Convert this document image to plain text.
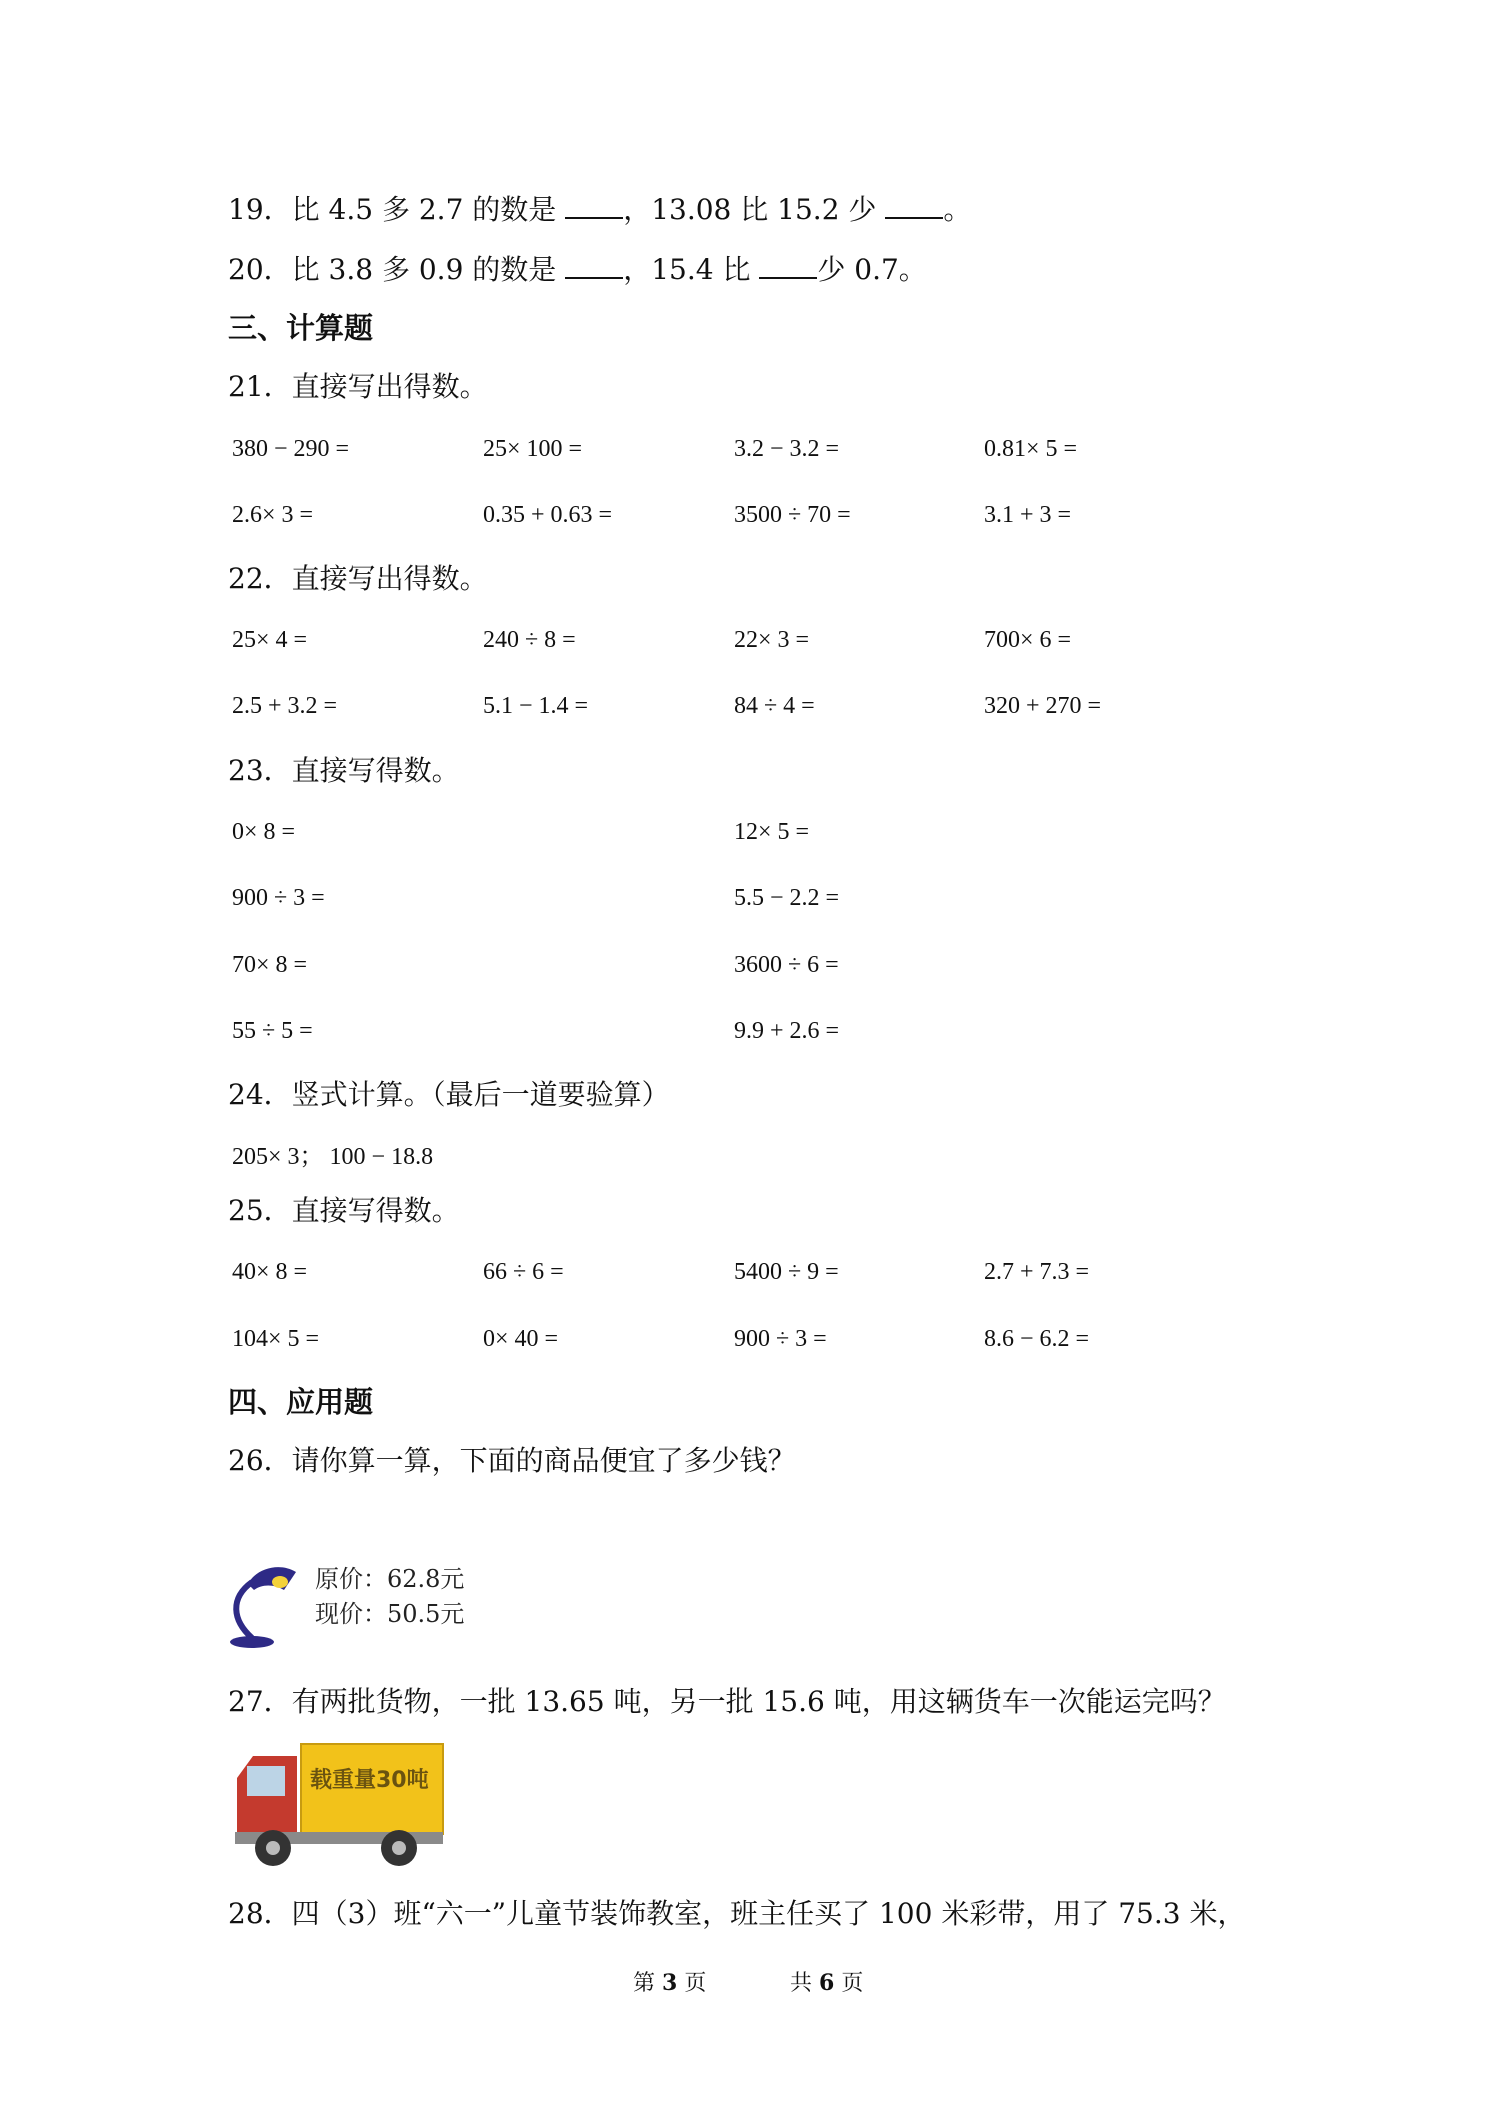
19．比 4.5 多 2.7 的数是 ，13.08 比 15.2 少 。
20．比 3.8 多 0.9 的数是 ，15.4 比 少 0.7。
三、计算题
21．直接写出得数。
380 − 290 =	25× 100 =	3.2 − 3.2 =	0.81× 5 =
2.6× 3 =	0.35 + 0.63 =	3500 ÷ 70 =	3.1 + 3 =
22．直接写出得数。
25× 4 =	240 ÷ 8 =	22× 3 =	700× 6 =
2.5 + 3.2 =	5.1 − 1.4 =	84 ÷ 4 =	320 + 270 =
23．直接写得数。
0× 8 =	12× 5 =
900 ÷ 3 =	5.5 − 2.2 =
70× 8 =	3600 ÷ 6 =
55 ÷ 5 =	9.9 + 2.6 =
24．竖式计算。（最后一道要验算）
205× 3； 100 − 18.8
25．直接写得数。
40× 8 =	66 ÷ 6 =	5400 ÷ 9 =	2.7 + 7.3 =
104× 5 =	0× 40 =	900 ÷ 3 =	8.6 − 6.2 =
四、应用题
26．请你算一算，下面的商品便宜了多少钱？
原价：62.8元
现价：50.5元
27．有两批货物，一批 13.65 吨，另一批 15.6 吨，用这辆货车一次能运完吗？
载重量30吨
28．四（3）班“六一”儿童节装饰教室，班主任买了 100 米彩带，用了 75.3 米，
第 3 页	共 6 页
